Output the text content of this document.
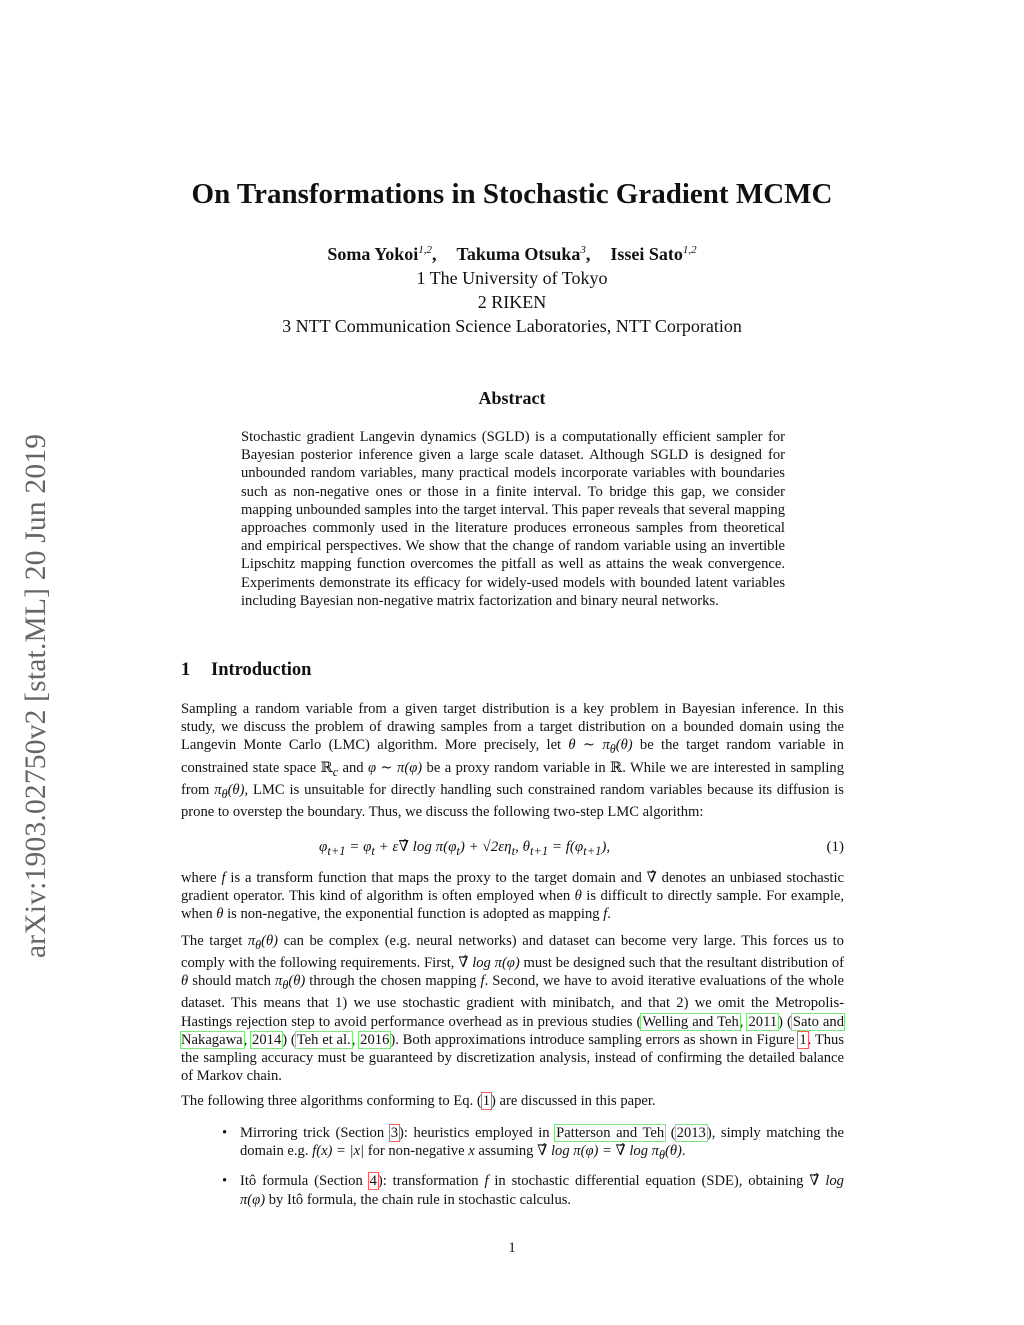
arXiv:1903.02750v2 [stat.ML] 20 Jun 2019
On Transformations in Stochastic Gradient MCMC
Soma Yokoi$^{1,2}$, Takuma Otsuka$^3$, Issei Sato$^{1,2}$
1 The University of Tokyo
2 RIKEN
3 NTT Communication Science Laboratories, NTT Corporation
Abstract

Stochastic gradient Langevin dynamics (SGLD) is a computationally efficient sampler for Bayesian posterior inference given a large scale dataset. Although SGLD is designed for unbounded random variables, many practical models incorporate variables with boundaries such as non-negative ones or those in a finite interval. To bridge this gap, we consider mapping unbounded samples into the target interval. This paper reveals that several mapping approaches commonly used in the literature produces erroneous samples from theoretical and empirical perspectives. We show that the change of random variable using an invertible Lipschitz mapping function overcomes the pitfall as well as attains the weak convergence. Experiments demonstrate its efficacy for widely-used models with bounded latent variables including Bayesian non-negative matrix factorization and binary neural networks.

1 Introduction

Sampling a random variable from a given target distribution is a key problem in Bayesian inference. In this study, we discuss the problem of drawing samples from a target distribution on a bounded domain using the Langevin Monte Carlo (LMC) algorithm. More precisely, let θ ∼ $\pi_\theta(\theta)$ be the target random variable in constrained state space ℝ$_c$ and φ ∼ π(φ) be a proxy random variable in ℝ. While we are interested in sampling from $\pi_\theta(\theta)$, LMC is unsuitable for directly handling such constrained random variables because its diffusion is prone to overstep the boundary. Thus, we discuss the following two-step LMC algorithm:

$\varphi_{t+1} = \varphi_t$ + ε∇̂ $\log \pi(\varphi_t) + √2\varepsilon\eta_t$, $\theta_{t+1} = f(\varphi_{t+1})$,	(1)

where f is a transform function that maps the proxy to the target domain and ∇̂ denotes an unbiased stochastic gradient operator. This kind of algorithm is often employed when θ is difficult to directly sample. For example, when θ is non-negative, the exponential function is adopted as mapping f.

The target $\pi_\theta(\theta)$ can be complex (e.g. neural networks) and dataset can become very large. This forces us to comply with the following requirements. First, ∇̂ log π(φ) must be designed such that the resultant distribution of θ should match $\pi_\theta(\theta)$ through the chosen mapping f. Second, we have to avoid iterative evaluations of the whole dataset. This means that 1) we use stochastic gradient with minibatch, and that 2) we omit the Metropolis-Hastings rejection step to avoid performance overhead as in previous studies (Welling and Teh, 2011) (Sato and Nakagawa, 2014) (Teh et al., 2016). Both approximations introduce sampling errors as shown in Figure 1. Thus the sampling accuracy must be guaranteed by discretization analysis, instead of confirming the detailed balance of Markov chain.

The following three algorithms conforming to Eq. (1) are discussed in this paper.

• Mirroring trick (Section 3): heuristics employed in Patterson and Teh (2013), simply matching the domain e.g. f(x) = |x| for non-negative x assuming ∇̂ log π(φ) = ∇̂ $\log \pi_\theta(\theta)$.
• Itô formula (Section 4): transformation f in stochastic differential equation (SDE), obtaining ∇̂ log π(φ) by Itô formula, the chain rule in stochastic calculus.
1
